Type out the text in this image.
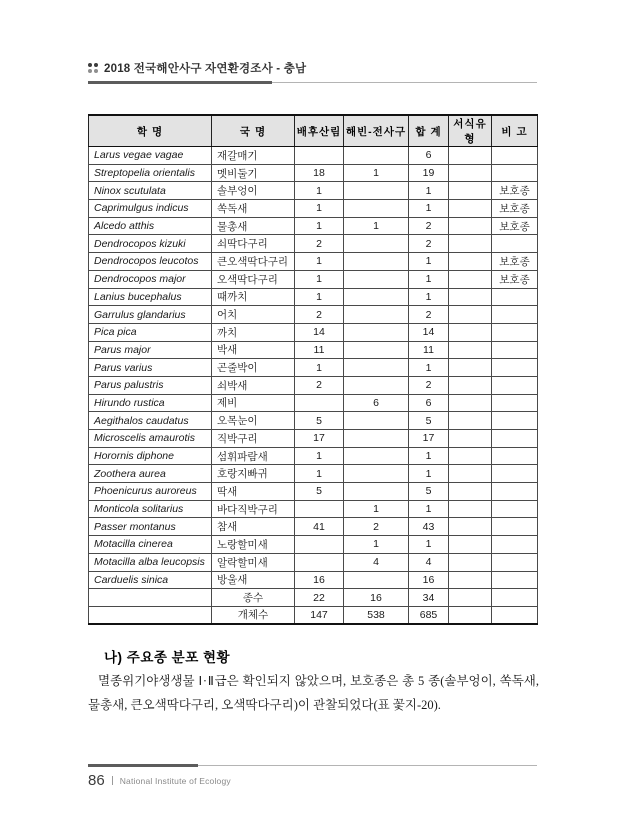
2018 전국해안사구 자연환경조사 - 충남
학 명	국 명	배후산림	해빈-전사구	합 계	서식유형	비 고
Larus vegae vagae	재갈매기			6		
Streptopelia orientalis	멧비둘기	18	1	19		
Ninox scutulata	솔부엉이	1		1		보호종
Caprimulgus indicus	쏙독새	1		1		보호종
Alcedo atthis	물총새	1	1	2		보호종
Dendrocopos kizuki	쇠딱다구리	2		2		
Dendrocopos leucotos	큰오색딱다구리	1		1		보호종
Dendrocopos major	오색딱다구리	1		1		보호종
Lanius bucephalus	때까치	1		1		
Garrulus glandarius	어치	2		2		
Pica pica	까치	14		14		
Parus major	박새	11		11		
Parus varius	곤줄박이	1		1		
Parus palustris	쇠박새	2		2		
Hirundo rustica	제비		6	6		
Aegithalos caudatus	오목눈이	5		5		
Microscelis amaurotis	직박구리	17		17		
Horornis diphone	섬휘파람새	1		1		
Zoothera aurea	호랑지빠귀	1		1		
Phoenicurus auroreus	딱새	5		5		
Monticola solitarius	바다직박구리		1	1		
Passer montanus	참새	41	2	43		
Motacilla cinerea	노랑할미새		1	1		
Motacilla alba leucopsis	알락할미새		4	4		
Carduelis sinica	방울새	16		16		
	종수	22	16	34		
	개체수	147	538	685		
나) 주요종 분포 현황

멸종위기야생생물 Ⅰ·Ⅱ급은 확인되지 않았으며, 보호종은 총 5 종(솔부엉이, 쏙독새, 물총새, 큰오색딱다구리, 오색딱다구리)이 관찰되었다(표 꽃지-20).

86 National Institute of Ecology
